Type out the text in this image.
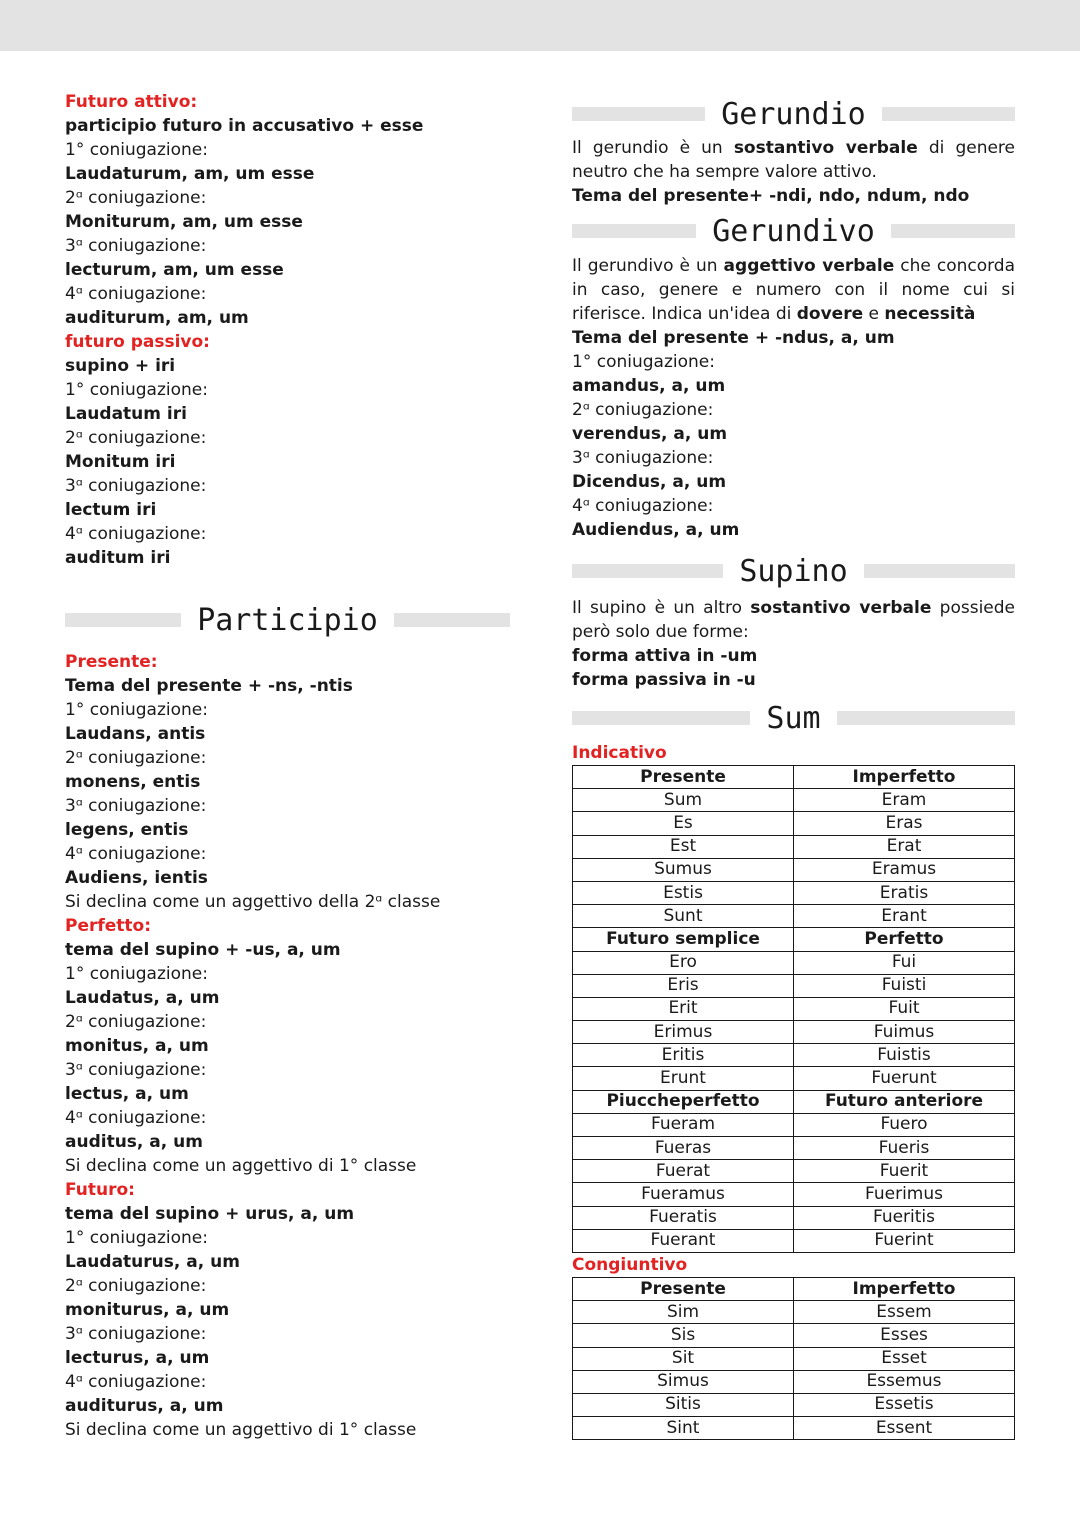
Futuro attivo:
participio futuro in accusativo + esse
1° coniugazione:
Laudaturum, am, um esse
2ᵅ coniugazione:
Moniturum, am, um esse
3ᵅ coniugazione:
lecturum, am, um esse
4ᵅ coniugazione:
auditurum, am, um
futuro passivo:
supino + iri
1° coniugazione:
Laudatum iri
2ᵅ coniugazione:
Monitum iri
3ᵅ coniugazione:
lectum iri
4ᵅ coniugazione:
auditum iri
Participio
Presente:
Tema del presente + -ns, -ntis
1° coniugazione:
Laudans, antis
2ᵅ coniugazione:
monens, entis
3ᵅ coniugazione:
legens, entis
4ᵅ coniugazione:
Audiens, ientis
Si declina come un aggettivo della 2ᵅ classe
Perfetto:
tema del supino + -us, a, um
1° coniugazione:
Laudatus, a, um
2ᵅ coniugazione:
monitus, a, um
3ᵅ coniugazione:
lectus, a, um
4ᵅ coniugazione:
auditus, a, um
Si declina come un aggettivo di 1° classe
Futuro:
tema del supino + urus, a, um
1° coniugazione:
Laudaturus, a, um
2ᵅ coniugazione:
moniturus, a, um
3ᵅ coniugazione:
lecturus, a, um
4ᵅ coniugazione:
auditurus, a, um
Si declina come un aggettivo di 1° classe
Gerundio
Il gerundio è un sostantivo verbale di genere neutro che ha sempre valore attivo.
Tema del presente+ -ndi, ndo, ndum, ndo
Gerundivo
Il gerundivo è un aggettivo verbale che concorda in caso, genere e numero con il nome cui si riferisce. Indica un'idea di dovere e necessità
Tema del presente + -ndus, a, um
1° coniugazione:
amandus, a, um
2ᵅ coniugazione:
verendus, a, um
3ᵅ coniugazione:
Dicendus, a, um
4ᵅ coniugazione:
Audiendus, a, um
Supino
Il supino è un altro sostantivo verbale possiede però solo due forme:
forma attiva in -um
forma passiva in -u
Sum
Indicativo
Presente	Imperfetto
Sum	Eram
Es	Eras
Est	Erat
Sumus	Eramus
Estis	Eratis
Sunt	Erant
Futuro semplice	Perfetto
Ero	Fui
Eris	Fuisti
Erit	Fuit
Erimus	Fuimus
Eritis	Fuistis
Erunt	Fuerunt
Piuccheperfetto	Futuro anteriore
Fueram	Fuero
Fueras	Fueris
Fuerat	Fuerit
Fueramus	Fuerimus
Fueratis	Fueritis
Fuerant	Fuerint
Congiuntivo
Presente	Imperfetto
Sim	Essem
Sis	Esses
Sit	Esset
Simus	Essemus
Sitis	Essetis
Sint	Essent
